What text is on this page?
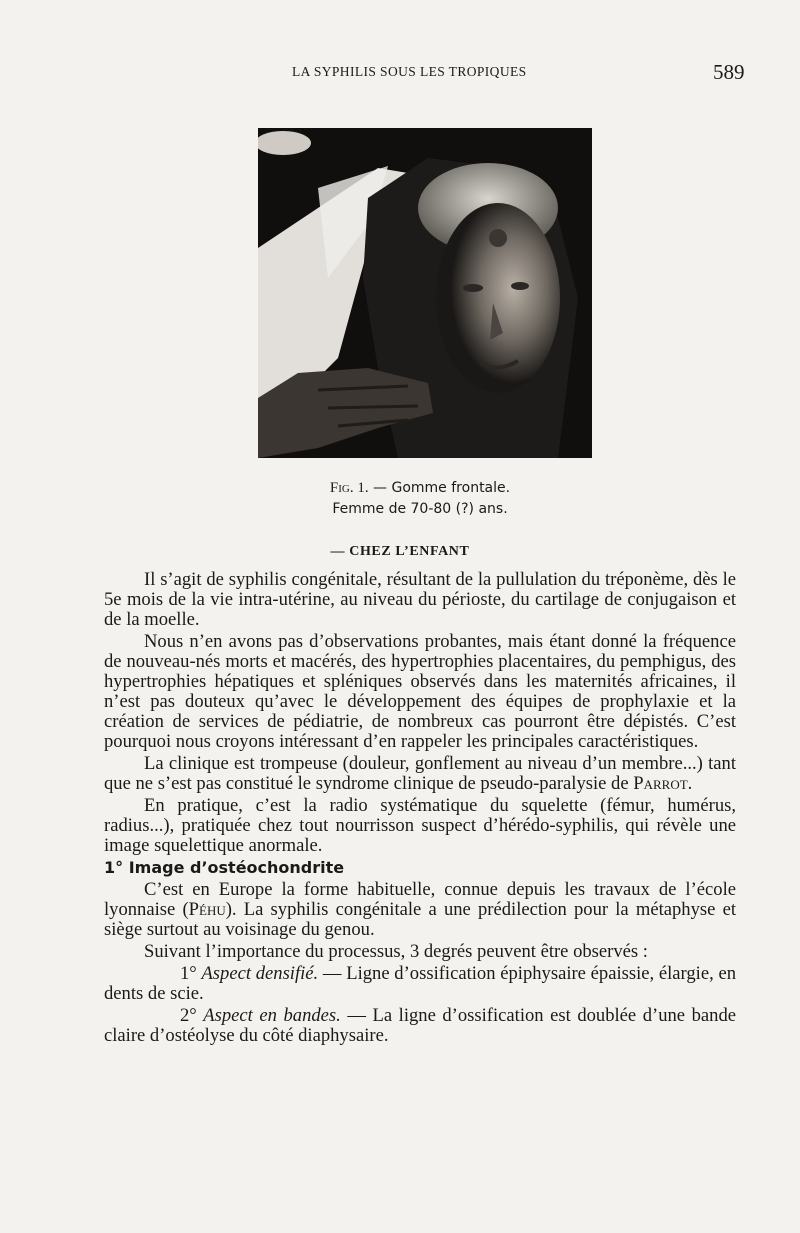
LA SYPHILIS SOUS LES TROPIQUES	589
Fig. 1. — Gomme frontale.
Femme de 70-80 (?) ans.
— CHEZ L’ENFANT

Il s’agit de syphilis congénitale, résultant de la pullulation du tréponème, dès le 5e mois de la vie intra-utérine, au niveau du périoste, du cartilage de conjugaison et de la moelle.

Nous n’en avons pas d’observations probantes, mais étant donné la fréquence de nouveau-nés morts et macérés, des hypertrophies placentaires, du pemphigus, des hypertrophies hépatiques et spléniques observés dans les maternités africaines, il n’est pas douteux qu’avec le développement des équipes de prophylaxie et la création de services de pédiatrie, de nombreux cas pourront être dépistés. C’est pourquoi nous croyons intéressant d’en rappeler les principales caractéristiques.

La clinique est trompeuse (douleur, gonflement au niveau d’un membre...) tant que ne s’est pas constitué le syndrome clinique de pseudo-paralysie de Parrot.

En pratique, c’est la radio systématique du squelette (fémur, humérus, radius...), pratiquée chez tout nourrisson suspect d’hérédo-syphilis, qui révèle une image squelettique anormale.

1° Image d’ostéochondrite

C’est en Europe la forme habituelle, connue depuis les travaux de l’école lyonnaise (Péhu). La syphilis congénitale a une prédilection pour la métaphyse et siège surtout au voisinage du genou.

Suivant l’importance du processus, 3 degrés peuvent être observés :

1° Aspect densifié. — Ligne d’ossification épiphysaire épaissie, élargie, en dents de scie.

2° Aspect en bandes. — La ligne d’ossification est doublée d’une bande claire d’ostéolyse du côté diaphysaire.
